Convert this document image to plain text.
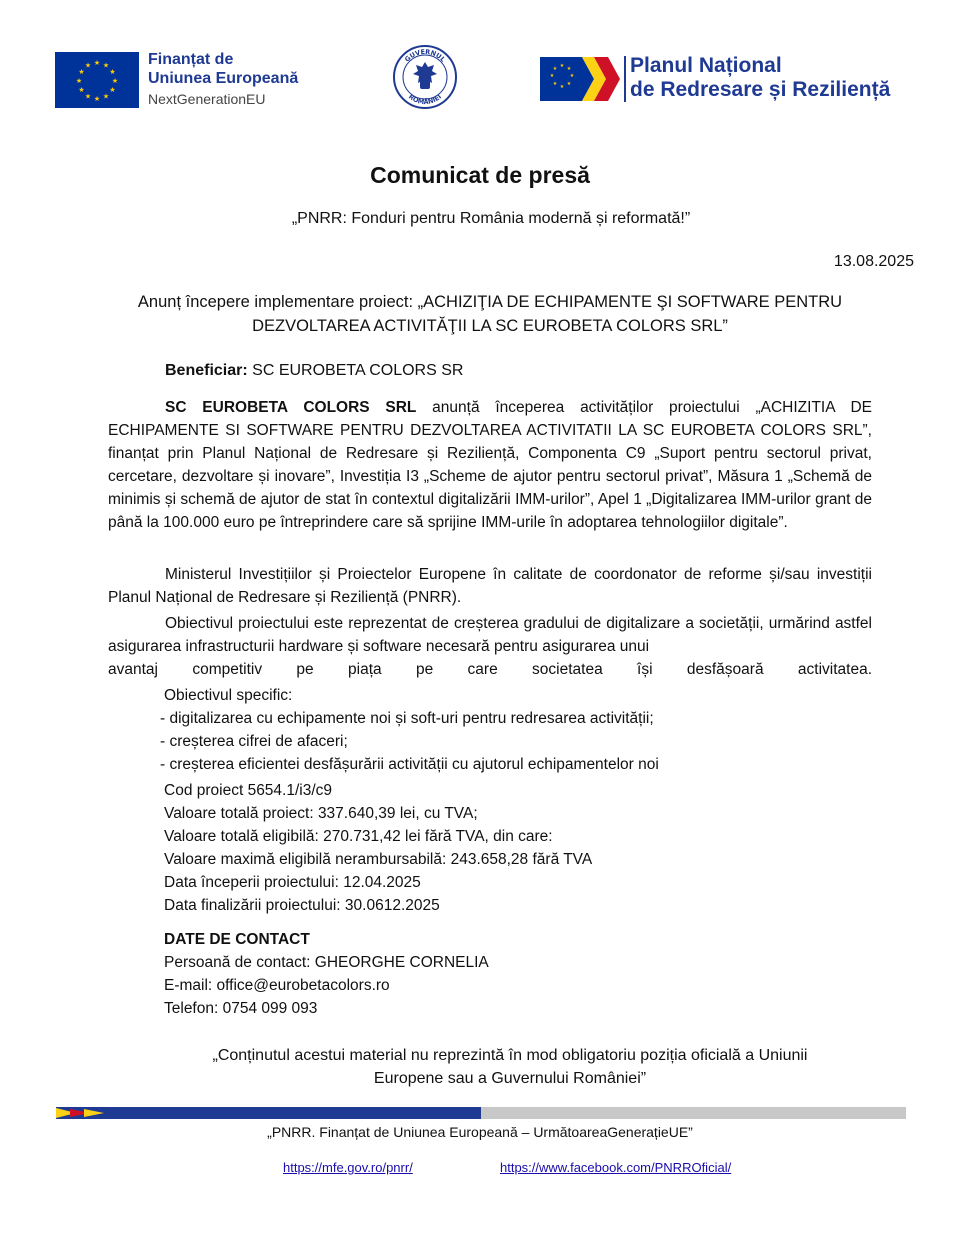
★ ★
★
★
★
★
★
★
★
★
★
★	Finanțat de
Uniunea Europeană
NextGenerationEU
GUVERNUL
ROMÂNIEI
★ ★
★
★
★
★
★
★	Planul Național
de Redresare și Reziliență
Comunicat de presă
„PNRR: Fonduri pentru România modernă și reformată!”
13.08.2025
Anunț începere implementare proiect: „ACHIZIŢIA DE ECHIPAMENTE ŞI SOFTWARE PENTRU
DEZVOLTAREA ACTIVITĂŢII LA SC EUROBETA COLORS SRL”
Beneficiar: SC EUROBETA COLORS SR
SC EUROBETA COLORS SRL anunță începerea activităților proiectului „ACHIZITIA DE ECHIPAMENTE SI SOFTWARE PENTRU DEZVOLTAREA ACTIVITATII LA SC EUROBETA COLORS SRL”, finanțat prin Planul Național de Redresare și Reziliență, Componenta C9 „Suport pentru sectorul privat, cercetare, dezvoltare și inovare”, Investiția I3 „Scheme de ajutor pentru sectorul privat”, Măsura 1 „Schemă de minimis și schemă de ajutor de stat în contextul digitalizării IMM-urilor”, Apel 1 „Digitalizarea IMM-urilor grant de până la 100.000 euro pe întreprindere care să sprijine IMM-urile în adoptarea tehnologiilor digitale”.
Ministerul Investițiilor și Proiectelor Europene în calitate de coordonator de reforme și/sau investiții Planul Național de Redresare și Reziliență (PNRR).
Obiectivul proiectului este reprezentat de creșterea gradului de digitalizare a societății, urmărind astfel asigurarea infrastructurii hardware și software necesară pentru asigurarea unui
avantaj competitiv pe piața pe care societatea își desfășoară activitatea.
Obiectivul specific:
- digitalizarea cu echipamente noi și soft-uri pentru redresarea activității;
- creșterea cifrei de afaceri;
- creșterea eficientei desfășurării activității cu ajutorul echipamentelor noi
Cod proiect 5654.1/i3/c9
Valoare totală proiect: 337.640,39 lei, cu TVA;
Valoare totală eligibilă: 270.731,42 lei fără TVA, din care:
Valoare maximă eligibilă nerambursabilă: 243.658,28 fără TVA
Data începerii proiectului: 12.04.2025
Data finalizării proiectului: 30.0612.2025
DATE DE CONTACT
Persoană de contact: GHEORGHE CORNELIA
E-mail: office@eurobetacolors.ro
Telefon: 0754 099 093
„Conținutul acestui material nu reprezintă în mod obligatoriu poziția oficială a Uniunii
Europene sau a Guvernului României”
„PNRR. Finanțat de Uniunea Europeană – UrmătoareaGenerațieUE”
https://mfe.gov.ro/pnrr/	https://www.facebook.com/PNRROficial/
